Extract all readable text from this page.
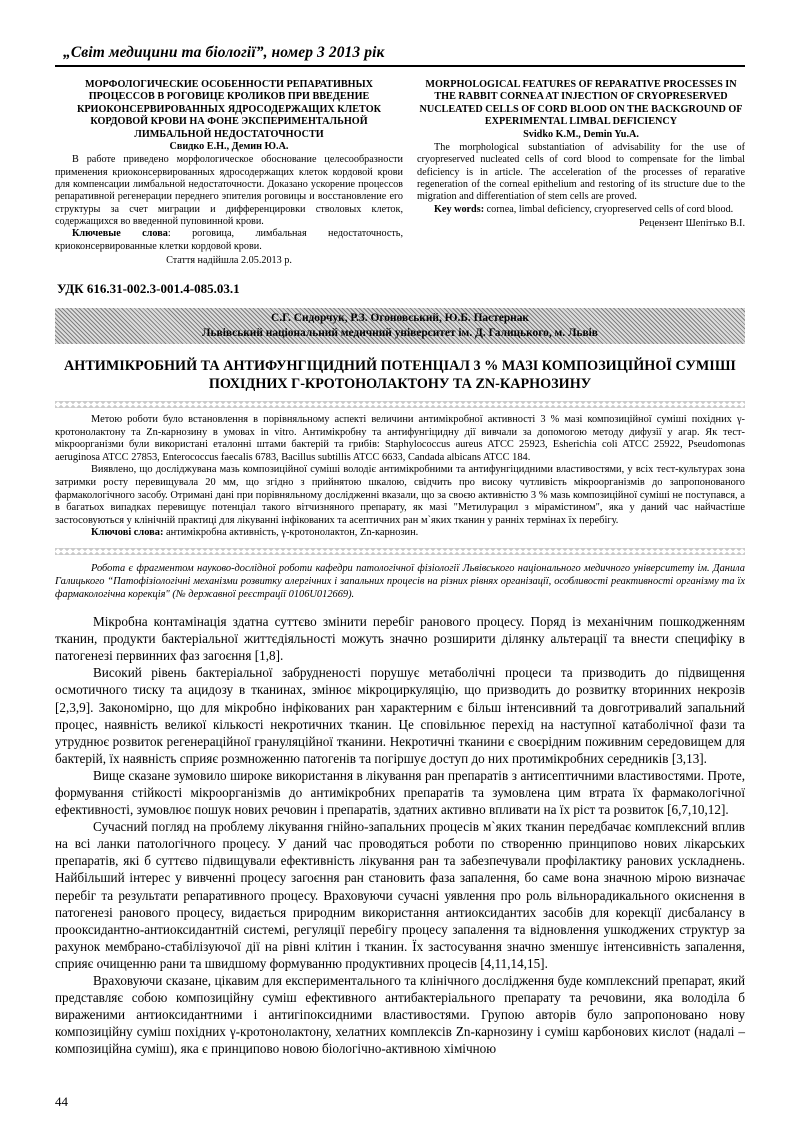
„Світ медицини та біології”, номер 3 2013 рік
МОРФОЛОГИЧЕСКИЕ ОСОБЕННОСТИ РЕПАРАТИВНЫХ ПРОЦЕССОВ В РОГОВИЦЕ КРОЛИКОВ ПРИ ВВЕДЕНИЕ КРИОКОНСЕРВИРОВАННЫХ ЯДРОСОДЕРЖАЩИХ КЛЕТОК КОРДОВОЙ КРОВИ НА ФОНЕ ЭКСПЕРИМЕНТАЛЬНОЙ ЛИМБАЛЬНОЙ НЕДОСТАТОЧНОСТИ
Свидко Е.Н., Демин Ю.А.
В работе приведено морфологическое обоснование целесообразности применения криоконсервированных ядросодержащих клеток кордовой крови для компенсации лимбальной недостаточности. Доказано ускорение процессов репаративной регенерации переднего эпителия роговицы и восстановление его структуры за счет миграции и дифференцировки стволовых клеток, содержащихся во введенной пуповинной крови.
Ключевые слова: роговица, лимбальная недостаточность, криоконсервированные клетки кордовой крови.
Стаття надійшла 2.05.2013 р.
MORPHOLOGICAL FEATURES OF REPARATIVE PROCESSES IN THE RABBIT CORNEA AT INJECTION OF CRYOPRESERVED NUCLEATED CELLS OF CORD BLOOD ON THE BACKGROUND OF EXPERIMENTAL LIMBAL DEFICIENCY
Svidko K.M., Demin Yu.A.
The morphological substantiation of advisability for the use of cryopreserved nucleated cells of cord blood to compensate for the limbal deficiency is in article. The acceleration of the processes of reparative regeneration of the corneal epithelium and restoring of its structure due to the migration and differentiation of stem cells are proved.
Key words: cornea, limbal deficiency, cryopreserved cells of cord blood.
Рецензент Шепітько В.І.
УДК 616.31-002.3-001.4-085.03.1
С.Г. Сидорчук, Р.З. Огоновський, Ю.Б. Пастернак
Львівський національний медичний університет ім. Д. Галицького, м. Львів
АНТИМІКРОБНИЙ ТА АНТИФУНГІЦИДНИЙ ПОТЕНЦІАЛ 3 % МАЗІ КОМПОЗИЦІЙНОЇ СУМІШІ ПОХІДНИХ Г-КРОТОНОЛАКТОНУ ТА ZN-КАРНОЗИНУ
Метою роботи було встановлення в порівняльному аспекті величини антимікробної активності 3 % мазі композиційної суміші похідних γ-кротонолактону та Zn-карнозину в умовах in vitro. Антимікробну та антифунгіцидну дії вивчали за допомогою методу дифузії у агар. Як тест-мікроорганізми були використані еталонні штами бактерій та грибів: Staphylococcus aureus ATCC 25923, Esherichia coli ATCC 25922, Pseudomonas aeruginosa ATCC 27853, Enterococcus faecalis 6783, Bacillus subtillis ATCC 6633, Candada albicans ATCC 184.
Виявлено, що досліджувана мазь композиційної суміші володіє антимікробними та антифунгіцидними властивостями, у всіх тест-культурах зона затримки росту перевищувала 20 мм, що згідно з прийнятою шкалою, свідчить про високу чутливість мікроорганізмів до запропонованого фармакологічного засобу. Отримані дані при порівняльному дослідженні вказали, що за своєю активністю 3 % мазь композиційної суміші не поступався, а в багатьох випадках перевищує потенціал такого вітчизняного препарату, як мазі "Метилурацил з мірамістином", яка у даний час найчастіше застосовуються у клінічній практиці для лікуванні інфікованих та асептичних ран м`яких тканин у ранніх термінах їх перебігу.
Ключові слова: антимікробна активність, γ-кротонолактон, Zn-карнозин.
Робота є фрагментом науково-дослідної роботи кафедри патологічної фізіології Львівського національного медичного університету ім. Данила Галицького “Патофізіологічні механізми розвитку алергічних і запальних процесів на різних рівнях організації, особливості реактивності організму та їх фармакологічна корекція" (№ державної реєстрації 0106U012669).

Мікробна контамінація здатна суттєво змінити перебіг ранового процесу. Поряд із механічним пошкодженням тканин, продукти бактеріальної життєдіяльності можуть значно розширити ділянку альтерації та внести специфіку в патогенезі первинних фаз загоєння [1,8].

Високий рівень бактеріальної забрудненості порушує метаболічні процеси та призводить до підвищення осмотичного тиску та ацидозу в тканинах, змінює мікроциркуляцію, що призводить до розвитку вторинних некрозів [2,3,9]. Закономірно, що для мікробно інфікованих ран характерним є більш інтенсивний та довготривалий запальний процес, наявність великої кількості некротичних тканин. Це сповільнює перехід на наступної катаболічної фази та утруднює розвиток регенераційної грануляційної тканини. Некротичні тканини є своєрідним поживним середовищем для бактерій, їх наявність сприяє розмноженню патогенів та погіршує доступ до них протимікробних середників [3,13].

Вище сказане зумовило широке використання в лікування ран препаратів з антисептичними властивостями. Проте, формування стійкості мікроорганізмів до антимікробних препаратів та зумовлена цим втрата їх фармакологічної ефективності, зумовлює пошук нових речовин і препаратів, здатних активно впливати на їх ріст та розвиток [6,7,10,12].

Сучасний погляд на проблему лікування гнійно-запальних процесів м`яких тканин передбачає комплексний вплив на всі ланки патологічного процесу. У даний час проводяться роботи по створенню принципово нових лікарських препаратів, які б суттєво підвищували ефективність лікування ран та забезпечували профілактику ранових ускладнень. Найбільший інтерес у вивченні процесу загоєння ран становить фаза запалення, бо саме вона значною мірою визначає перебіг та результати репаративного процесу. Враховуючи сучасні уявлення про роль вільнорадикального окиснення в патогенезі ранового процесу, видається природним використання антиоксидантих засобів для корекції дисбалансу в прооксидантно-антиоксидантній системі, регуляції перебігу процесу запалення та відновлення ушкоджених структур за рахунок мембрано-стабілізуючої дії на рівні клітин і тканин. Їх застосування значно зменшує інтенсивність запалення, сприяє очищенню рани та швидшому формуванню продуктивних процесів [4,11,14,15].

Враховуючи сказане, цікавим для експериментального та клінічного дослідження буде комплексний препарат, який представляє собою композиційну суміш ефективного антибактеріального препарату та речовини, яка володіла б вираженими антиоксидантними і антигіпоксидними властивостями. Групою авторів було запропоновано нову композиційну суміш похідних γ-кротонолактону, хелатних комплексів Zn-карнозину і суміш карбонових кислот (надалі – композиційна суміш), яка є принципово новою біологічно-активною хімічною

44
